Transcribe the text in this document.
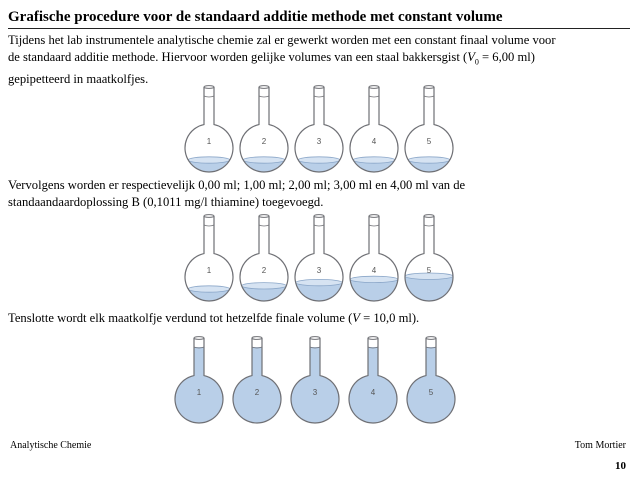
Grafische procedure voor de standaard additie methode met constant volume
Tijdens het lab instrumentele analytische chemie zal er gewerkt worden met een constant finaal volume voor
de standaard additie methode. Hiervoor worden gelijke volumes van een staal bakkersgist ($V_0 = 6,00$ ml)
gepipetteerd in maatkolfjes.
1	2	3	4	5
Vervolgens worden er respectievelijk 0,00 ml; 1,00 ml; 2,00 ml; 3,00 ml en 4,00 ml van de
standaandaardoplossing B (0,1011 mg/l thiamine) toegevoegd.
1	2	3	4	5
Tenslotte wordt elk maatkolfje verdund tot hetzelfde finale volume (V = 10,0 ml).
1	2	3	4	5
Analytische Chemie	Tom Mortier
10
